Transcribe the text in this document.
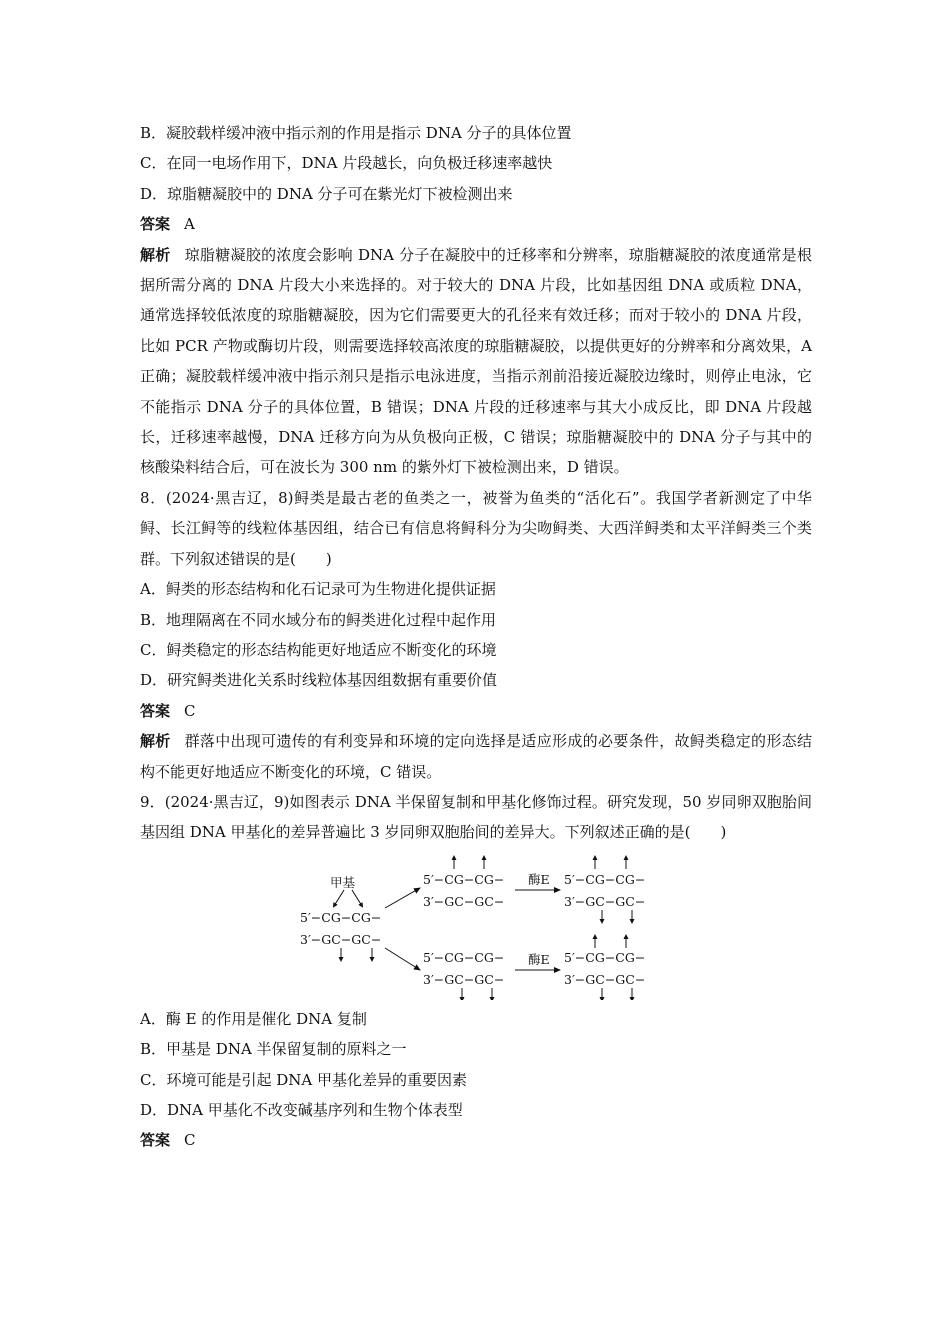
B．凝胶载样缓冲液中指示剂的作用是指示 DNA 分子的具体位置

C．在同一电场作用下，DNA 片段越长，向负极迁移速率越快

D．琼脂糖凝胶中的 DNA 分子可在紫光灯下被检测出来

答案 A

解析 琼脂糖凝胶的浓度会影响 DNA 分子在凝胶中的迁移率和分辨率，琼脂糖凝胶的浓度通常是根据所需分离的 DNA 片段大小来选择的。对于较大的 DNA 片段，比如基因组 DNA 或质粒 DNA，通常选择较低浓度的琼脂糖凝胶，因为它们需要更大的孔径来有效迁移；而对于较小的 DNA 片段，比如 PCR 产物或酶切片段，则需要选择较高浓度的琼脂糖凝胶，以提供更好的分辨率和分离效果，A 正确；凝胶载样缓冲液中指示剂只是指示电泳进度，当指示剂前沿接近凝胶边缘时，则停止电泳，它不能指示 DNA 分子的具体位置，B 错误；DNA 片段的迁移速率与其大小成反比，即 DNA 片段越长，迁移速率越慢，DNA 迁移方向为从负极向正极，C 错误；琼脂糖凝胶中的 DNA 分子与其中的核酸染料结合后，可在波长为 300 nm 的紫外灯下被检测出来，D 错误。

8．(2024·黑吉辽，8)鲟类是最古老的鱼类之一，被誉为鱼类的“活化石”。我国学者新测定了中华鲟、长江鲟等的线粒体基因组，结合已有信息将鲟科分为尖吻鲟类、大西洋鲟类和太平洋鲟类三个类群。下列叙述错误的是(　　)

A．鲟类的形态结构和化石记录可为生物进化提供证据

B．地理隔离在不同水域分布的鲟类进化过程中起作用

C．鲟类稳定的形态结构能更好地适应不断变化的环境

D．研究鲟类进化关系时线粒体基因组数据有重要价值

答案 C

解析 群落中出现可遗传的有利变异和环境的定向选择是适应形成的必要条件，故鲟类稳定的形态结构不能更好地适应不断变化的环境，C 错误。

9．(2024·黑吉辽，9)如图表示 DNA 半保留复制和甲基化修饰过程。研究发现，50 岁同卵双胞胎间基因组 DNA 甲基化的差异普遍比 3 岁同卵双胞胎间的差异大。下列叙述正确的是(　　)

甲基
5′−CG−CG−
3′−GC−GC−
5′−CG−CG−
3′−GC−GC−
酶E 5′−CG−CG−
3′−GC−GC−
5′−CG−CG−
3′−GC−GC−
酶E 5′−CG−CG−
3′−GC−GC−

A．酶 E 的作用是催化 DNA 复制

B．甲基是 DNA 半保留复制的原料之一

C．环境可能是引起 DNA 甲基化差异的重要因素

D．DNA 甲基化不改变碱基序列和生物个体表型

答案 C
